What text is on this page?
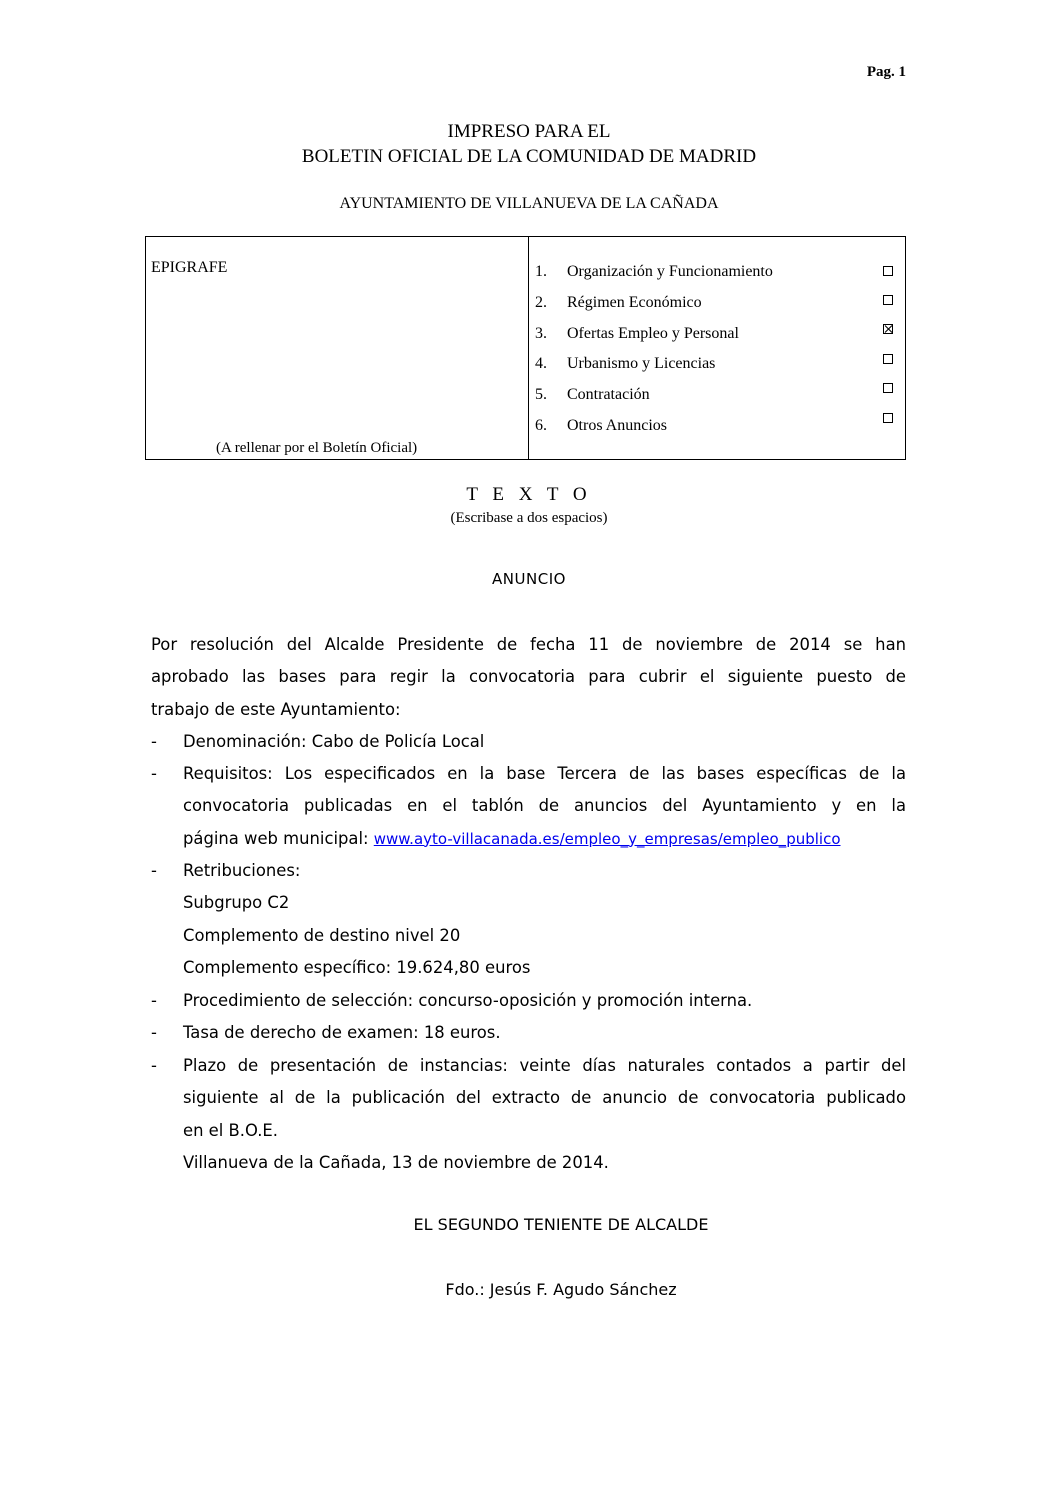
Pag. 1
IMPRESO PARA EL
BOLETIN OFICIAL DE LA COMUNIDAD DE MADRID
AYUNTAMIENTO DE VILLANUEVA DE LA CAÑADA
EPIGRAFE
(A rellenar por el Boletín Oficial)
1. Organización y Funcionamiento
2. Régimen Económico
3. Ofertas Empleo y Personal
4. Urbanismo y Licencias
5. Contratación
6. Otros Anuncios
T E X T O
(Escribase a dos espacios)
ANUNCIO
Por resolución del Alcalde Presidente de fecha 11 de noviembre de 2014 se han
aprobado las bases para regir la convocatoria para cubrir el siguiente puesto de
trabajo de este Ayuntamiento:
- Denominación: Cabo de Policía Local
- Requisitos: Los especificados en la base Tercera de las bases específicas de la
convocatoria publicadas en el tablón de anuncios del Ayuntamiento y en la
página web municipal: www.ayto-villacanada.es/empleo_y_empresas/empleo_publico
- Retribuciones:
Subgrupo C2
Complemento de destino nivel 20
Complemento específico: 19.624,80 euros
- Procedimiento de selección: concurso-oposición y promoción interna.
- Tasa de derecho de examen: 18 euros.
- Plazo de presentación de instancias: veinte días naturales contados a partir del
siguiente al de la publicación del extracto de anuncio de convocatoria publicado
en el B.O.E.
Villanueva de la Cañada, 13 de noviembre de 2014.
EL SEGUNDO TENIENTE DE ALCALDE
Fdo.: Jesús F. Agudo Sánchez
